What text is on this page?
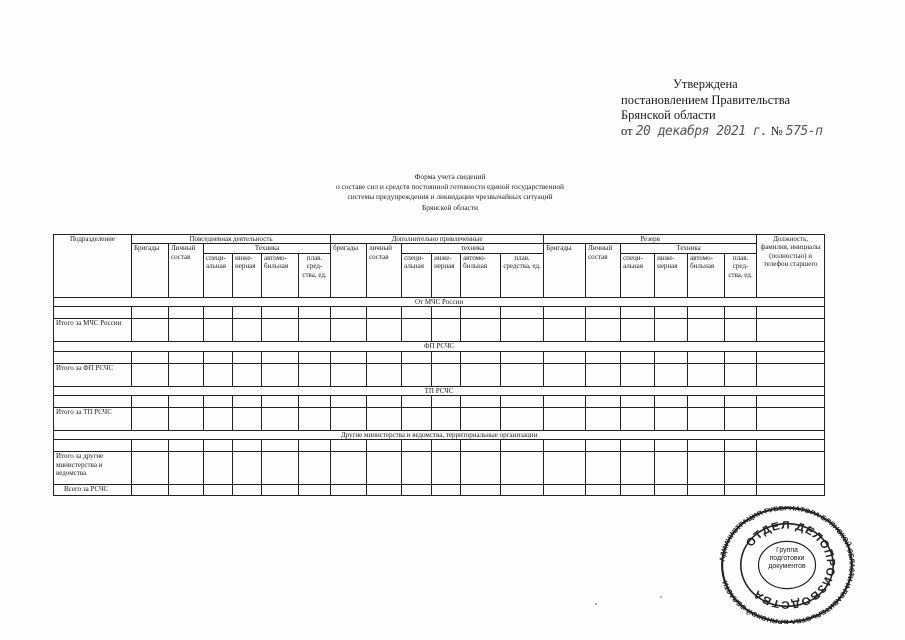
Утверждена
постановлением Правительства
Брянской области
от 20 декабря 2021 г. № 575-п
Форма учета сведений
о составе сил и средств постоянной готовности единой государственной
системы предупреждения и ликвидации чрезвычайных ситуаций
Брянской области
Подразделение	Повседневная деятельность						Дополнительно привлеченные						Резерв						Должность, фамилия, инициалы (полностью) и телефон старшего
	Бригады	Личный состав	Техника				бригады	личный состав	техника				Бригады	Личный состав	Техника				
			специ-альная	инже-нерная	автомо-бильная	плав. сред-ства, ед.			специ-альная	инже-нерная	автомо-бильная	плав. средства, ед.			специ-альная	инже-нерная	автомо-бильная	плав. сред-ства, ед.	
От МЧС России																			

Итого за МЧС России																			
ФП РСЧС																			

Итого за ФП РСЧС																			
ТП РСЧС																			

Итого за ТП РСЧС																			
Другие министерства и ведомства, территориальные организации																			

Итого за другие министерства и ведомства																			
Всего за РСЧС																			
АДМИНИСТРАЦИЯ ГУБЕРНАТОРА БРЯНСКОЙ ОБЛАСТИ И ПРАВИТЕЛЬСТВА БРЯНСКОЙ ОБЛАСТИ
ОТДЕЛ ДЕЛОПРОИЗВОДСТВА
Группа подготовки документов
